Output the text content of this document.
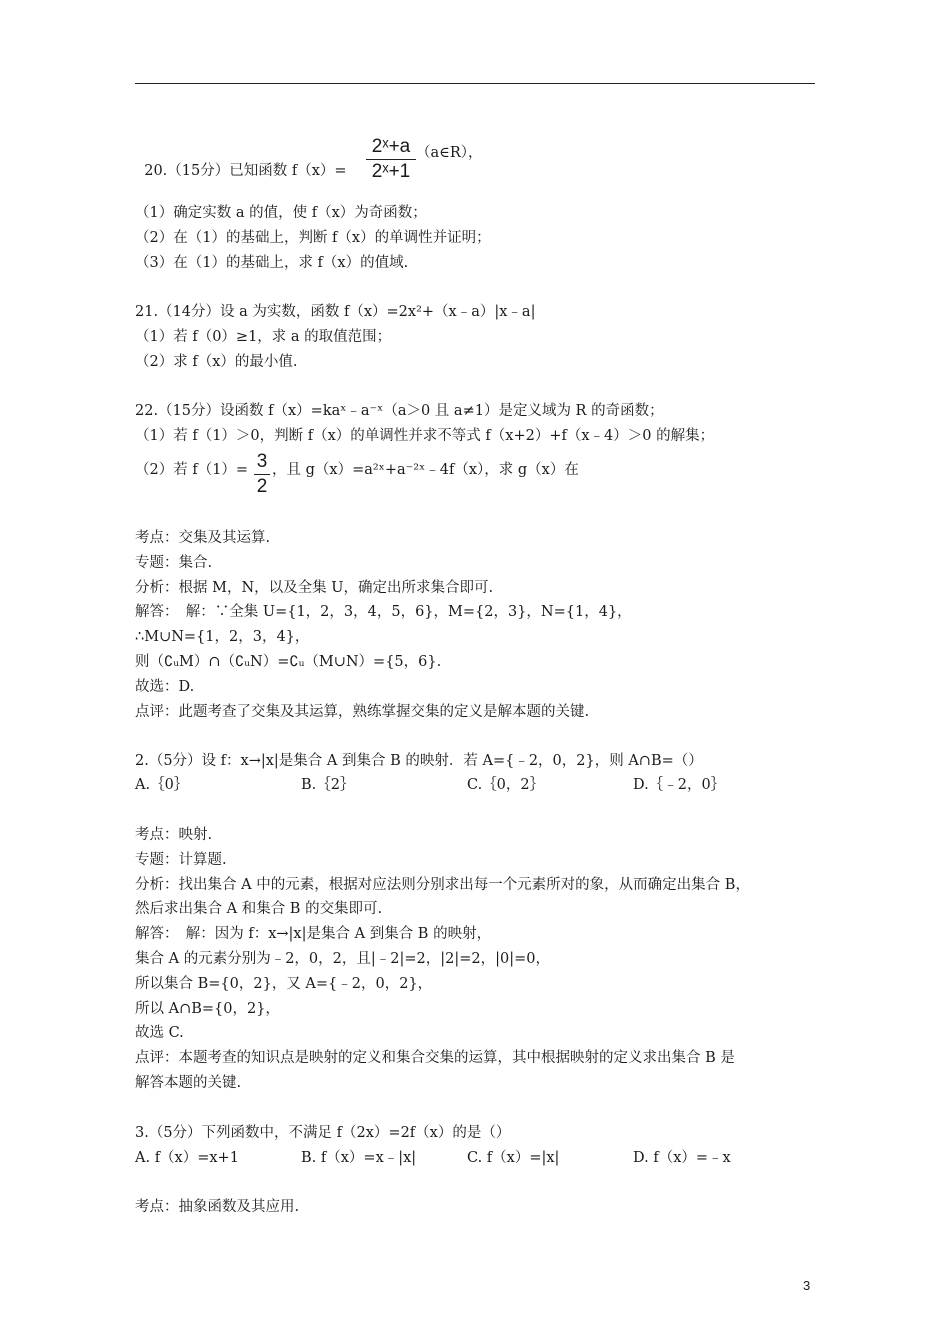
20.（15分）已知函数 f（x）=

2ˣ+a
2ˣ+1
（a∈R），
（1）确定实数 a 的值，使 f（x）为奇函数；
（2）在（1）的基础上，判断 f（x）的单调性并证明；
（3）在（1）的基础上，求 f（x）的值域.
21.（14分）设 a 为实数，函数 f（x）=2x²+（x﹣a）|x﹣a|
（1）若 f（0）≥1，求 a 的取值范围；
（2）求 f（x）的最小值.
22.（15分）设函数 f（x）=kaˣ﹣a⁻ˣ（a＞0 且 a≠1）是定义域为 R 的奇函数；
（1）若 f（1）＞0，判断 f（x）的单调性并求不等式 f（x+2）+f（x﹣4）＞0 的解集；
（2）若 f（1）= 3
2
，且 g（x）=a²ˣ+a⁻²ˣ﹣4f（x），求 g（x）在
考点：交集及其运算.
专题：集合.
分析：根据 M，N，以及全集 U，确定出所求集合即可.
解答：　解：∵全集 U={1，2，3，4，5，6}，M={2，3}，N={1，4}，
∴M∪N={1，2，3，4}，
则（∁ᵤM）∩（∁ᵤN）=∁ᵤ（M∪N）={5，6}.
故选：D.
点评：此题考查了交集及其运算，熟练掌握交集的定义是解本题的关键.
2.（5分）设 f：x→|x|是集合 A 到集合 B 的映射．若 A={﹣2，0，2}，则 A∩B=（）
A.｛0｝	B.｛2｝	C.｛0，2｝	D.｛﹣2，0｝
考点：映射.
专题：计算题.
分析：找出集合 A 中的元素，根据对应法则分别求出每一个元素所对的象，从而确定出集合 B，
然后求出集合 A 和集合 B 的交集即可.
解答：　解：因为 f：x→|x|是集合 A 到集合 B 的映射，
集合 A 的元素分别为﹣2，0，2，且|﹣2|=2，|2|=2，|0|=0，
所以集合 B={0，2}，又 A={﹣2，0，2}，
所以 A∩B={0，2}，
故选 C.
点评：本题考查的知识点是映射的定义和集合交集的运算，其中根据映射的定义求出集合 B 是
解答本题的关键.
3.（5分）下列函数中，不满足 f（2x）=2f（x）的是（）
A. f（x）=x+1	B. f（x）=x﹣|x|	C. f（x）=|x|	D. f（x）=﹣x
考点：抽象函数及其应用.
3
